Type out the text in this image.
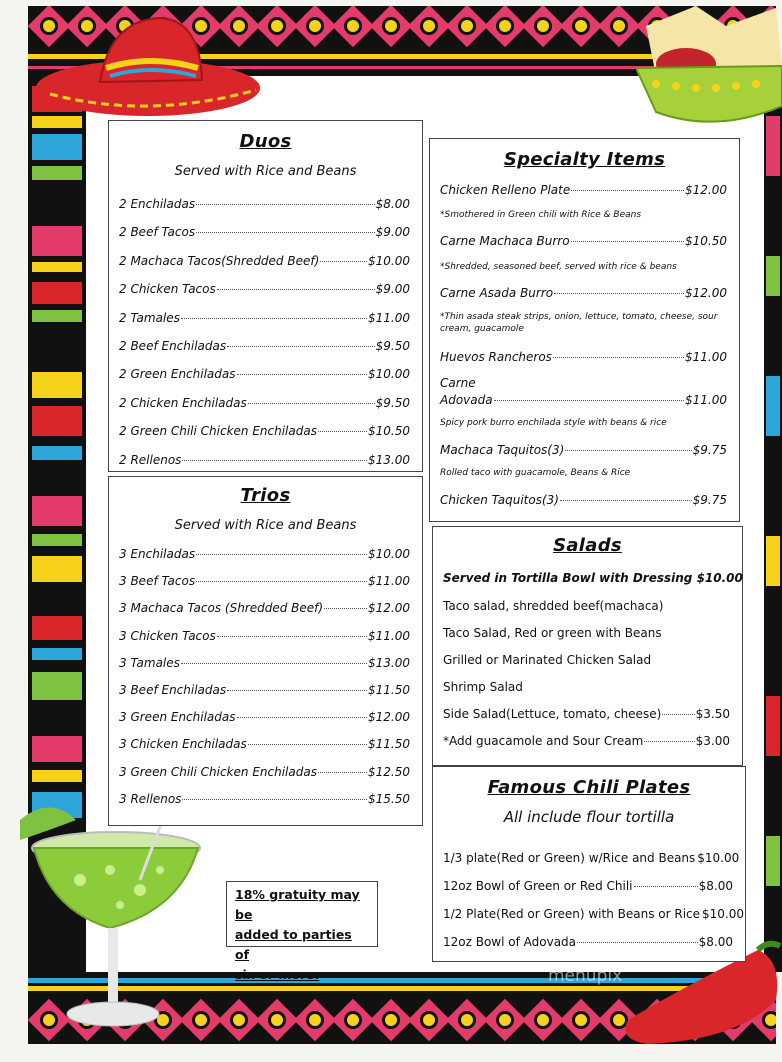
Duos
Served with Rice and Beans
2 Enchiladas	$8.00
2 Beef Tacos	$9.00
2 Machaca Tacos(Shredded Beef)	$10.00
2 Chicken Tacos	$9.00
2 Tamales	$11.00
2 Beef Enchiladas	$9.50
2 Green Enchiladas	$10.00
2 Chicken Enchiladas	$9.50
2 Green Chili Chicken Enchiladas	$10.50
2 Rellenos	$13.00
Trios
Served with Rice and Beans
3 Enchiladas	$10.00
3 Beef Tacos	$11.00
3 Machaca Tacos (Shredded Beef)	$12.00
3 Chicken Tacos	$11.00
3 Tamales	$13.00
3 Beef Enchiladas	$11.50
3 Green Enchiladas	$12.00
3 Chicken Enchiladas	$11.50
3 Green Chili Chicken Enchiladas	$12.50
3 Rellenos	$15.50
Specialty Items
Chicken Relleno Plate	$12.00
*Smothered in Green chili with Rice & Beans
Carne Machaca Burro	$10.50
*Shredded, seasoned beef, served with rice & beans
Carne Asada Burro	$12.00
*Thin asada steak strips, onion, lettuce, tomato, cheese, sour cream, guacamole
Huevos Rancheros	$11.00
Carne
Adovada	$11.00
Spicy pork burro enchilada style with beans & rice
Machaca Taquitos(3)	$9.75
Rolled taco with guacamole, Beans & Rice
Chicken Taquitos(3)	$9.75
Salads
Served in Tortilla Bowl with Dressing $10.00
Taco salad, shredded beef(machaca)
Taco Salad, Red or green with Beans
Grilled or Marinated Chicken Salad
Shrimp Salad
Side Salad(Lettuce, tomato, cheese)	$3.50
*Add guacamole and Sour Cream	$3.00
Famous Chili Plates
All include flour tortilla
1/3 plate(Red or Green) w/Rice and Beans $10.00
12oz Bowl of Green or Red Chili	$8.00
1/2 Plate(Red or Green) with Beans or Rice $10.00
12oz Bowl of Adovada	$8.00
18% gratuity may be
added to parties of
six or more.	menupix
